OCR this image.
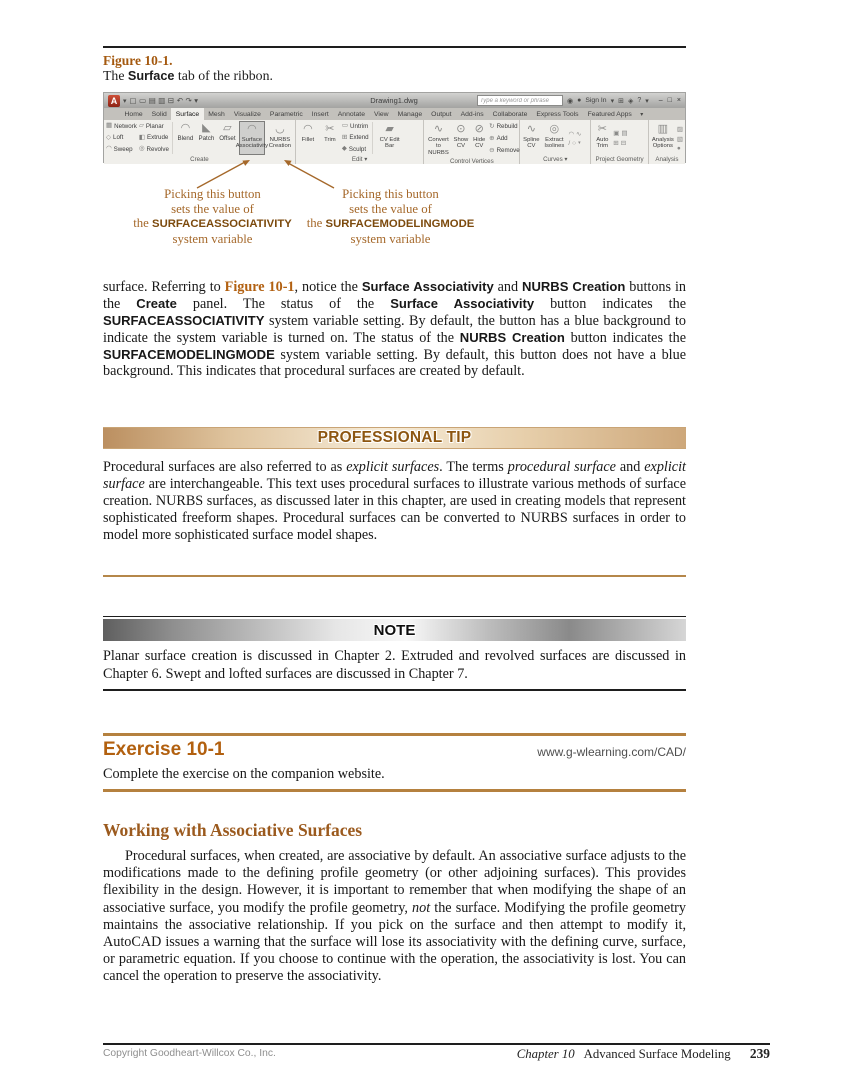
Figure 10-1.
The Surface tab of the ribbon.
A ▾ ▢ ▭ ▤ ▥ ⊟ ↶ ↷ ▾	Drawing1.dwg
Type a keyword or phrase	◉ ● Sign In ▾ ⊞ ◈ ? ▾ – □ ×
Home	Solid	Surface	Mesh	Visualize	Parametric	Insert	Annotate	View	Manage	Output	Add-ins	Collaborate	Express Tools	Featured Apps	▾
▦ Network
◇ Loft
◠ Sweep
▱ Planar
◧ Extrude
◎ Revolve
◠
Blend
◣
Patch
▱
Offset
◠
Surface Associativity
◡
NURBS Creation
Create
◠
Fillet
✂
Trim
▭ Untrim
⊞ Extend
◆ Sculpt
▰
CV Edit Bar
Edit ▾
∿
Convert to NURBS
⊙
Show CV
⊘
Hide CV
↻ Rebuild
⊕ Add
⊖ Remove
Control Vertices
∿
Spline CV
◎
Extract Isolines
◠ ∿
/ ○ ▾
Curves ▾
✂
Auto Trim
▣ ▤
⊞ ⊟
Project Geometry
▥
Analysis Options
▨
▧
●
Analysis
Picking this button
sets the value of
the SURFACEASSOCIATIVITY
system variable
Picking this button
sets the value of
the SURFACEMODELINGMODE
system variable
surface. Referring to Figure 10-1, notice the Surface Associativity and NURBS Creation buttons in the Create panel. The status of the Surface Associativity button indicates the SURFACEASSOCIATIVITY system variable setting. By default, the button has a blue background to indicate the system variable is turned on. The status of the NURBS Creation button indicates the SURFACEMODELINGMODE system variable setting. By default, this button does not have a blue background. This indicates that procedural surfaces are created by default.
PROFESSIONAL TIP
Procedural surfaces are also referred to as explicit surfaces. The terms procedural surface and explicit surface are interchangeable. This text uses procedural surfaces to illustrate various methods of surface creation. NURBS surfaces, as discussed later in this chapter, are used in creating models that represent sophisticated freeform shapes. Procedural surfaces can be converted to NURBS surfaces in order to model more sophisticated surface model shapes.
NOTE
Planar surface creation is discussed in Chapter 2. Extruded and revolved surfaces are discussed in Chapter 6. Swept and lofted surfaces are discussed in Chapter 7.
Exercise 10-1	www.g-wlearning.com/CAD/
Complete the exercise on the companion website.
Working with Associative Surfaces
Procedural surfaces, when created, are associative by default. An associative surface adjusts to the modifications made to the defining profile geometry (or other adjoining surfaces). This provides flexibility in the design. However, it is important to remember that when modifying the shape of an associative surface, you modify the profile geometry, not the surface. Modifying the profile geometry maintains the associative relationship. If you pick on the surface and then attempt to modify it, AutoCAD issues a warning that the surface will lose its associativity with the defining curve, surface, or parametric equation. If you choose to continue with the operation, the associativity is lost. You can cancel the operation to preserve the associativity.
Copyright Goodheart-Willcox Co., Inc.	Chapter 10 Advanced Surface Modeling 239
